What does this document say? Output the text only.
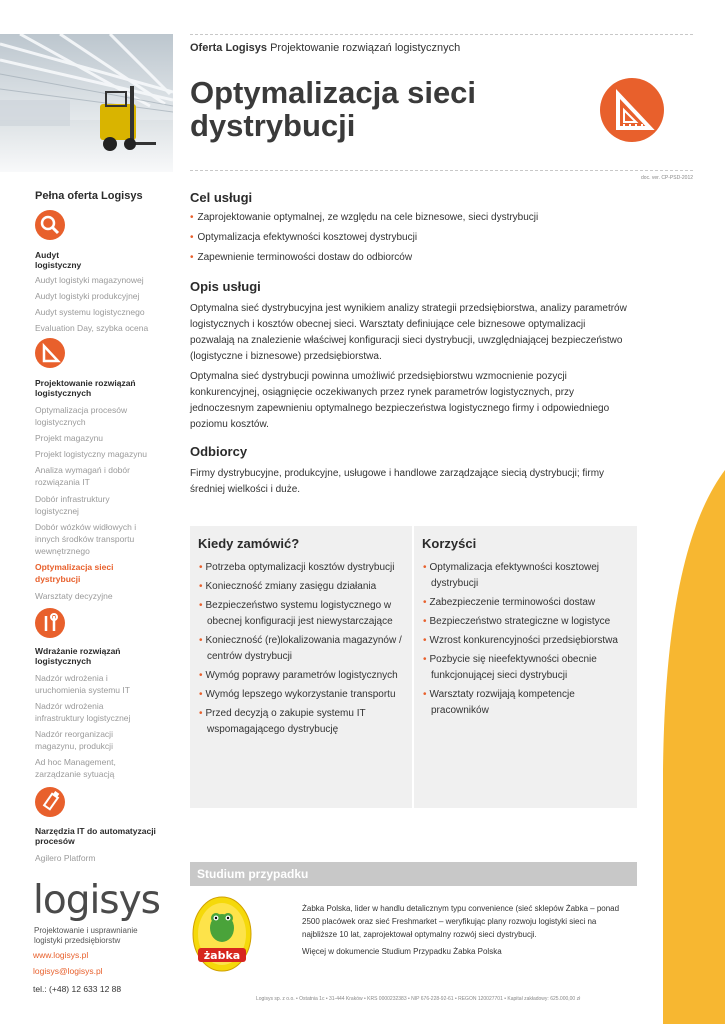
Oferta Logisys Projektowanie rozwiązań logistycznych
Optymalizacja sieci dystrybucji
doc. ver. CP-PSD-2012
Pełna oferta Logisys
Audyt logistyczny
Audyt logistyki magazynowej
Audyt logistyki produkcyjnej
Audyt systemu logistycznego
Evaluation Day, szybka ocena
Projektowanie rozwiązań logistycznych
Optymalizacja procesów logistycznych
Projekt magazynu
Projekt logistyczny magazynu
Analiza wymagań i dobór rozwiązania IT
Dobór infrastruktury logistycznej
Dobór wózków widłowych i innych środków transportu wewnętrznego
Optymalizacja sieci dystrybucji
Warsztaty decyzyjne
Wdrażanie rozwiązań logistycznych
Nadzór wdrożenia i uruchomienia systemu IT
Nadzór wdrożenia infrastruktury logistycznej
Nadzór reorganizacji magazynu, produkcji
Ad hoc Management, zarządzanie sytuacją
Narzędzia IT do automatyzacji procesów
Agilero Platform
logisys
Projektowanie i usprawnianie logistyki przedsiębiorstw
www.logisys.pl
logisys@logisys.pl
tel.: (+48) 12 633 12 88
Cel usługi
• Zaprojektowanie optymalnej, ze względu na cele biznesowe, sieci dystrybucji
• Optymalizacja efektywności kosztowej dystrybucji
• Zapewnienie terminowości dostaw do odbiorców
Opis usługi
Optymalna sieć dystrybucyjna jest wynikiem analizy strategii przedsiębiorstwa, analizy parametrów logistycznych i kosztów obecnej sieci. Warsztaty definiujące cele biznesowe optymalizacji pozwalają na znalezienie właściwej konfiguracji sieci dystrybucji, uwzględniającej bezpieczeństwo (logistyczne i biznesowe) przedsiębiorstwa.
Optymalna sieć dystrybucji powinna umożliwić przedsiębiorstwu wzmocnienie pozycji konkurencyjnej, osiągnięcie oczekiwanych przez rynek parametrów logistycznych, przy jednoczesnym zapewnieniu optymalnego bezpieczeństwa logistycznego firmy i odpowiedniego poziomu kosztów.
Odbiorcy
Firmy dystrybucyjne, produkcyjne, usługowe i handlowe zarządzające siecią dystrybucji; firmy średniej wielkości i duże.
Kiedy zamówić?
• Potrzeba optymalizacji kosztów dystrybucji
• Konieczność zmiany zasięgu działania
• Bezpieczeństwo systemu logistycznego w obecnej konfiguracji jest niewystarczające
• Konieczność (re)lokalizowania magazynów / centrów dystrybucji
• Wymóg poprawy parametrów logistycznych
• Wymóg lepszego wykorzystanie transportu
• Przed decyzją o zakupie systemu IT wspomagającego dystrybucję
Korzyści
• Optymalizacja efektywności kosztowej dystrybucji
• Zabezpieczenie terminowości dostaw
• Bezpieczeństwo strategiczne w logistyce
• Wzrost konkurencyjności przedsiębiorstwa
• Pozbycie się nieefektywności obecnie funkcjonującej sieci dystrybucji
• Warsztaty rozwijają kompetencje pracowników
Studium przypadku
żabka
Żabka Polska, lider w handlu detalicznym typu convenience (sieć sklepów Żabka – ponad 2500 placówek oraz sieć Freshmarket – weryfikując plany rozwoju logistyki sieci na najbliższe 10 lat, zaprojektował optymalny rozwój sieci dystrybucji.
Więcej w dokumencie Studium Przypadku Żabka Polska
Logisys sp. z o.o. • Ostatnia 1c • 31-444 Kraków • KRS 0000232383 • NIP 676-228-92-61 • REGON 120027701 • Kapitał zakładowy: 625.000,00 zł
